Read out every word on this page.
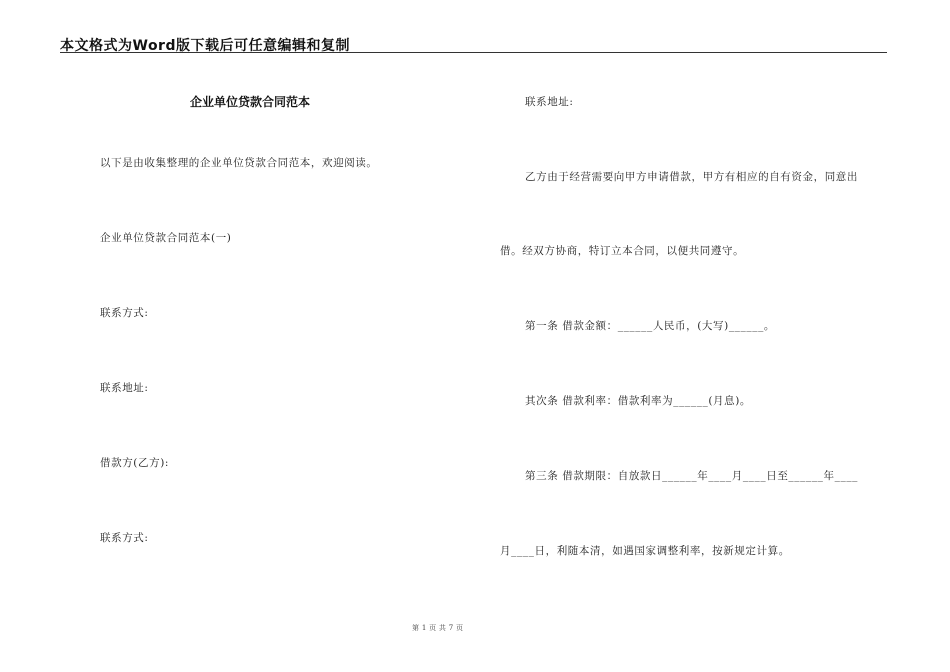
本文格式为Word版下载后可任意编辑和复制
企业单位贷款合同范本
以下是由收集整理的企业单位贷款合同范本，欢迎阅读。
企业单位贷款合同范本(一)
联系方式:
联系地址:
借款方(乙方):
联系方式:
联系地址:
乙方由于经营需要向甲方申请借款，甲方有相应的自有资金，同意出
借。经双方协商，特订立本合同，以便共同遵守。
第一条 借款金额：______人民币，(大写)______。
其次条 借款利率：借款利率为______(月息)。
第三条 借款期限：自放款日______年____月____日至______年____
月____日，利随本清，如遇国家调整利率，按新规定计算。
第 1 页 共 7 页
